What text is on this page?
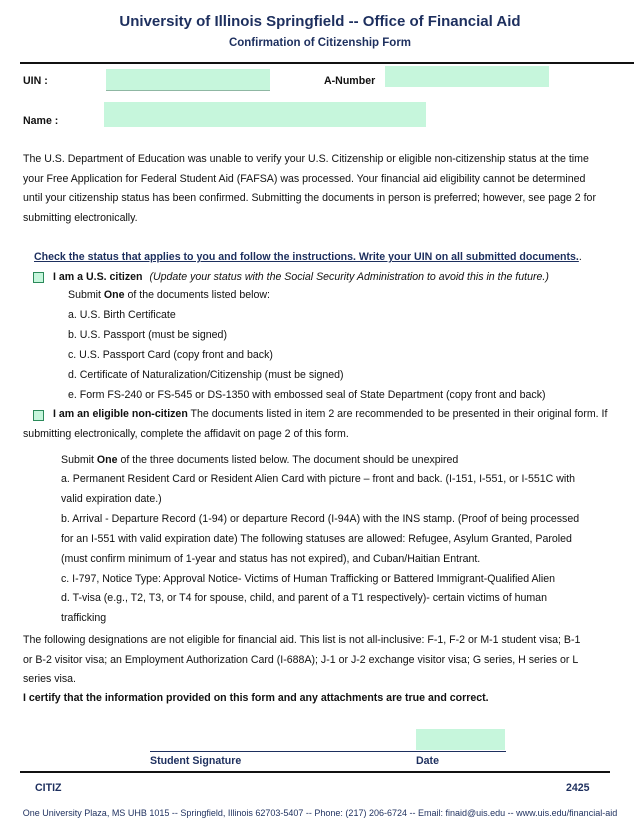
University of Illinois Springfield -- Office of Financial Aid
Confirmation of Citizenship Form
UIN :	A-Number
Name :
The U.S. Department of Education was unable to verify your U.S. Citizenship or eligible non-citizenship status at the time
your Free Application for Federal Student Aid (FAFSA) was processed. Your financial aid eligibility cannot be determined
until your citizenship status has been confirmed. Submitting the documents in person is preferred; however, see page 2 for
submitting electronically.
Check the status that applies to you and follow the instructions. Write your UIN on all submitted documents..
I am a U.S. citizen (Update your status with the Social Security Administration to avoid this in the future.)
Submit One of the documents listed below:
a. U.S. Birth Certificate
b. U.S. Passport (must be signed)
c. U.S. Passport Card (copy front and back)
d. Certificate of Naturalization/Citizenship (must be signed)
e. Form FS-240 or FS-545 or DS-1350 with embossed seal of State Department (copy front and back)
I am an eligible non-citizen The documents listed in item 2 are recommended to be presented in their original form. If
submitting electronically, complete the affidavit on page 2 of this form.
Submit One of the three documents listed below. The document should be unexpired
a. Permanent Resident Card or Resident Alien Card with picture – front and back. (I-151, I-551, or I-551C with
valid expiration date.)
b. Arrival - Departure Record (1-94) or departure Record (I-94A) with the INS stamp. (Proof of being processed
for an I-551 with valid expiration date) The following statuses are allowed: Refugee, Asylum Granted, Paroled
(must confirm minimum of 1-year and status has not expired), and Cuban/Haitian Entrant.
c. I-797, Notice Type: Approval Notice- Victims of Human Trafficking or Battered Immigrant-Qualified Alien
d. T-visa (e.g., T2, T3, or T4 for spouse, child, and parent of a T1 respectively)- certain victims of human
trafficking
The following designations are not eligible for financial aid. This list is not all-inclusive: F-1, F-2 or M-1 student visa; B-1
or B-2 visitor visa; an Employment Authorization Card (I-688A); J-1 or J-2 exchange visitor visa; G series, H series or L
series visa.
I certify that the information provided on this form and any attachments are true and correct.
Student Signature	Date
CITIZ	2425
One University Plaza, MS UHB 1015 -- Springfield, Illinois 62703-5407 -- Phone: (217) 206-6724 -- Email: finaid@uis.edu -- www.uis.edu/financial-aid
